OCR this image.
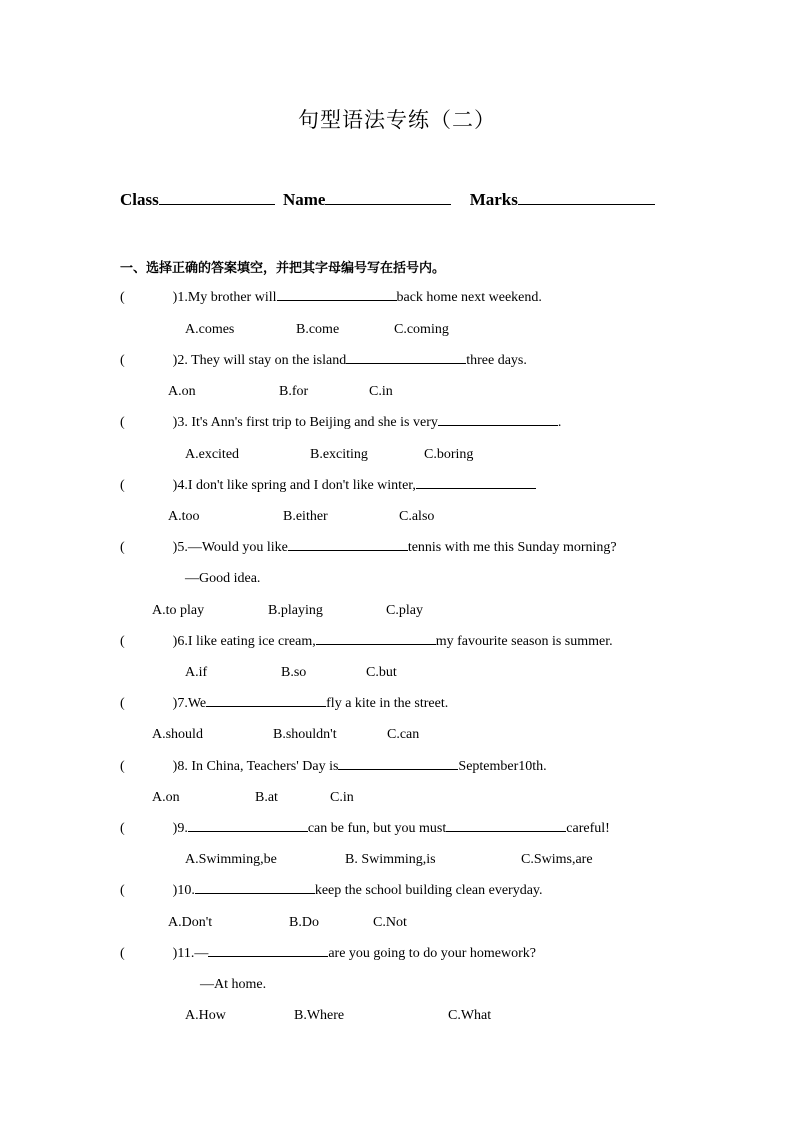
句型语法专练（二）
Class	Name	Marks
一、选择正确的答案填空，并把其字母编号写在括号内。
(	)1.My brother will	back home next weekend.
A.comes	B.come	C.coming
(	)2. They will stay on the island	three days.
A.on	B.for	C.in
(	)3. It's Ann's first trip to Beijing and she is very	.
A.excited	B.exciting	C.boring
(	)4.I don't like spring and I don't like winter,
A.too	B.either	C.also
(	)5.—Would you like	tennis with me this Sunday morning?
—Good idea.
A.to play	B.playing	C.play
(	)6.I like eating ice cream,	my favourite season is summer.
A.if	B.so	C.but
(	)7.We	fly a kite in the street.
A.should	B.shouldn't	C.can
(	)8. In China, Teachers' Day is	September10th.
A.on	B.at	C.in
(	)9.	can be fun, but you must	careful!
A.Swimming,be	B. Swimming,is	C.Swims,are
(	)10.	keep the school building clean everyday.
A.Don't	B.Do	C.Not
(	)11.—	are you going to do your homework?
—At home.
A.How	B.Where	C.What
